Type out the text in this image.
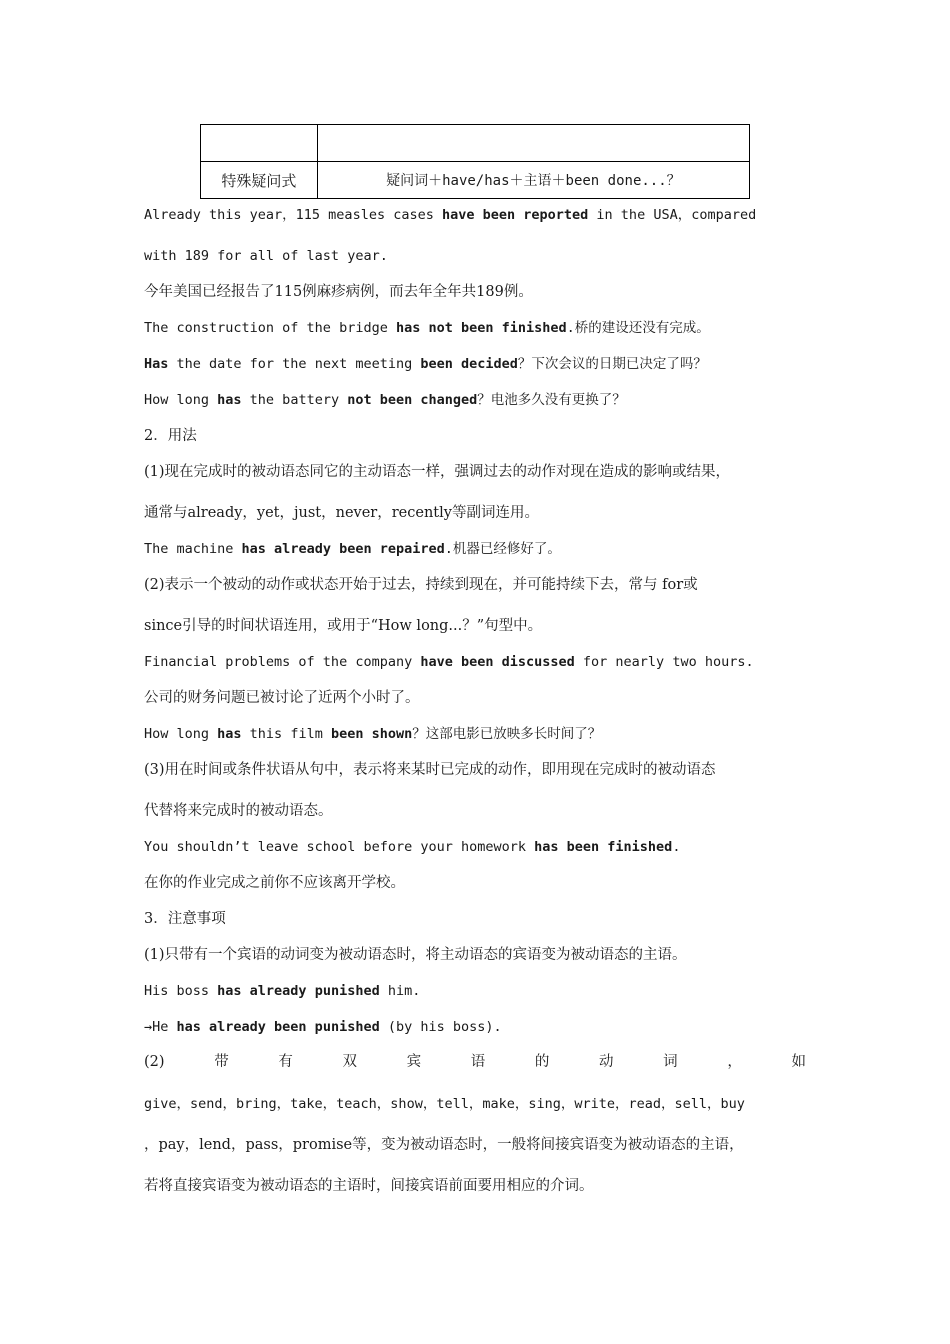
特殊疑问式	疑问词＋have/has＋主语＋been done...？
Already this year，115 measles cases have been reported in the USA，compared
with 189 for all of last year.
今年美国已经报告了115例麻疹病例，而去年全年共189例。
The construction of the bridge has not been finished.桥的建设还没有完成。
Has the date for the next meeting been decided？下次会议的日期已决定了吗？
How long has the battery not been changed？电池多久没有更换了？
2．用法
(1)现在完成时的被动语态同它的主动语态一样，强调过去的动作对现在造成的影响或结果，
通常与already，yet，just，never，recently等副词连用。
The machine has already been repaired.机器已经修好了。
(2)表示一个被动的动作或状态开始于过去，持续到现在，并可能持续下去，常与 for或
since引导的时间状语连用，或用于“How long...？”句型中。
Financial problems of the company have been discussed for nearly two hours.
公司的财务问题已被讨论了近两个小时了。
How long has this film been shown？这部电影已放映多长时间了？
(3)用在时间或条件状语从句中，表示将来某时已完成的动作，即用现在完成时的被动语态
代替将来完成时的被动语态。
You shouldn’t leave school before your homework has been finished.
在你的作业完成之前你不应该离开学校。
3．注意事项
(1)只带有一个宾语的动词变为被动语态时，将主动语态的宾语变为被动语态的主语。
His boss has already punished him.
→He has already been punished (by his boss).
(2)	带	有	双	宾	语	的	动	词	，	如
give，send，bring，take，teach，show，tell，make，sing，write，read，sell，buy
，pay，lend，pass，promise等，变为被动语态时，一般将间接宾语变为被动语态的主语，
若将直接宾语变为被动语态的主语时，间接宾语前面要用相应的介词。
